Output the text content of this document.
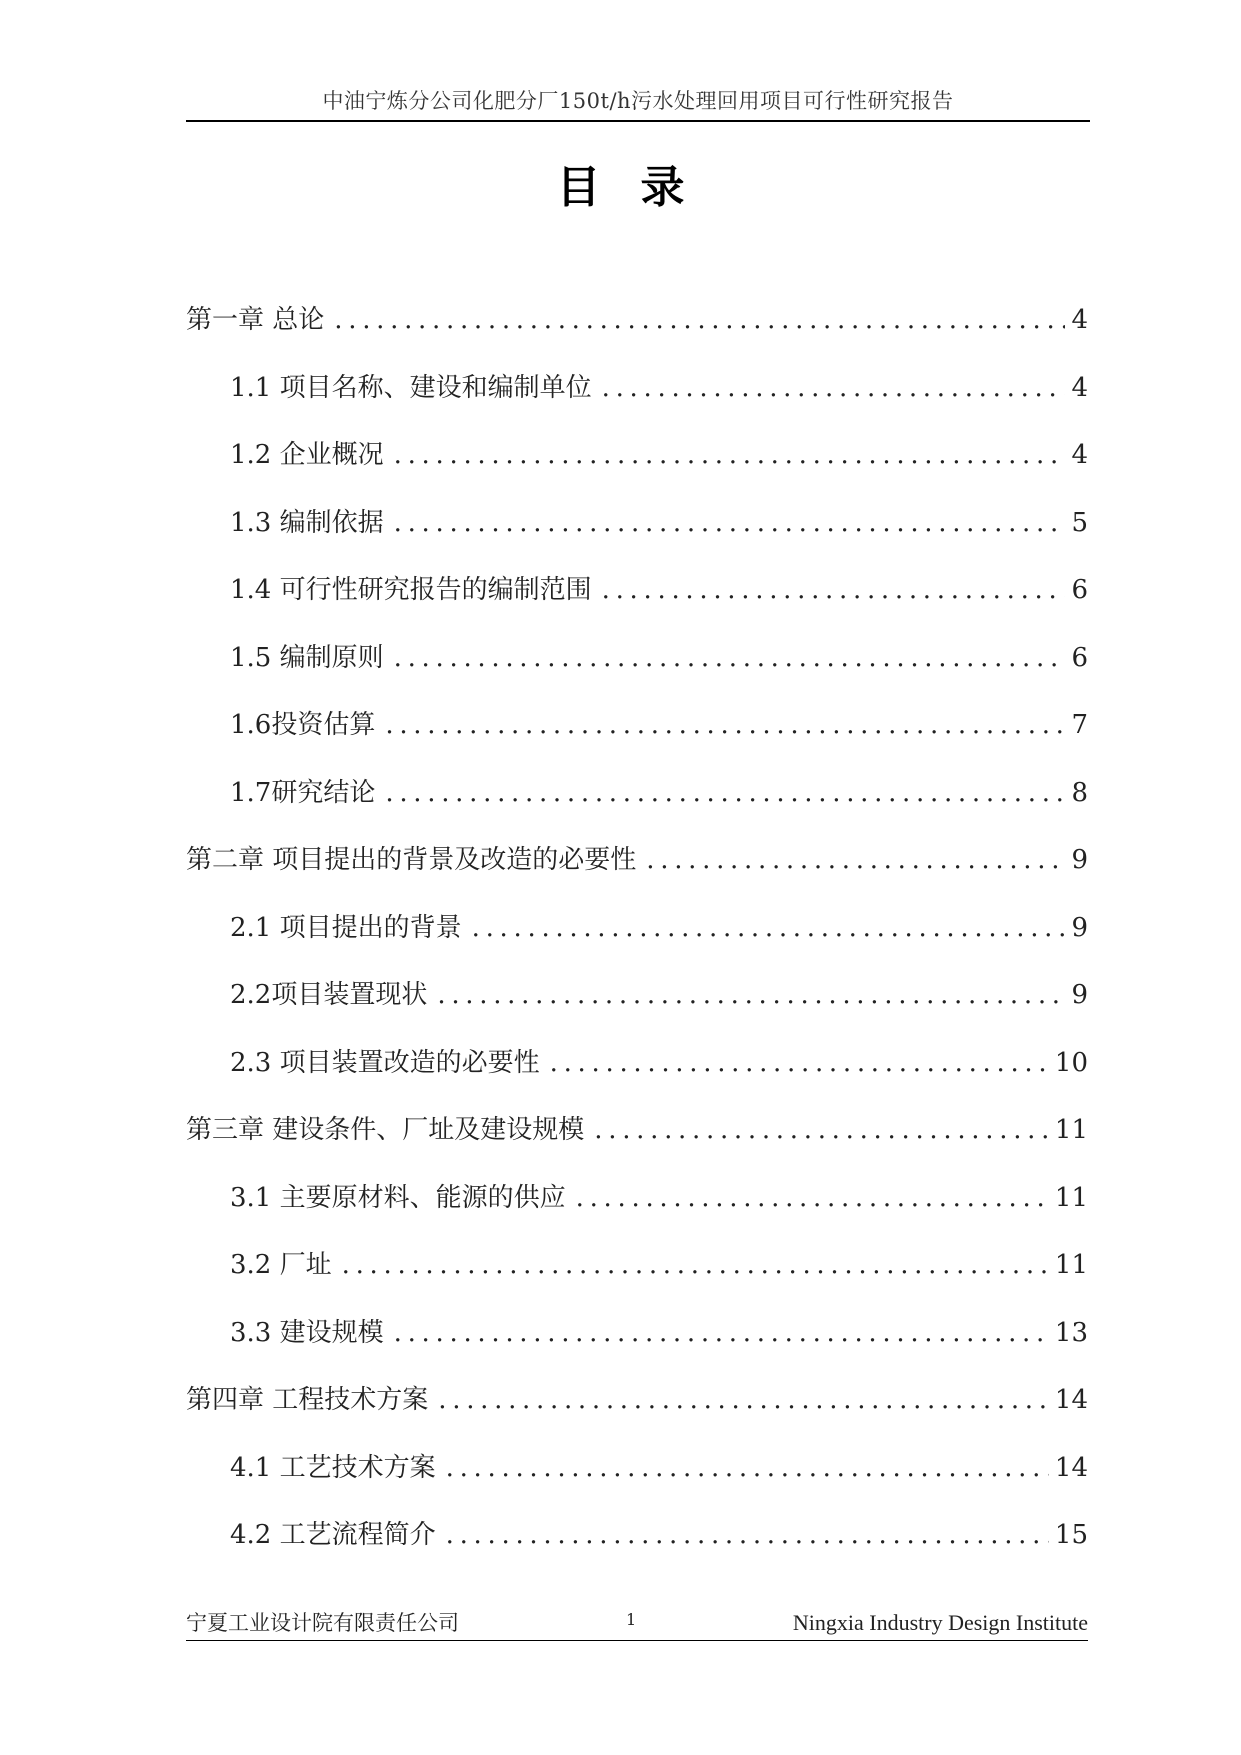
中油宁炼分公司化肥分厂150t/h污水处理回用项目可行性研究报告
目录
第一章 总论 .....	4
1.1 项目名称、建设和编制单位 .....	4
1.2 企业概况 .....	4
1.3 编制依据 .....	5
1.4 可行性研究报告的编制范围 .....	6
1.5 编制原则 .....	6
1.6投资估算 .....	7
1.7研究结论 .....	8
第二章 项目提出的背景及改造的必要性 .....	9
2.1 项目提出的背景 .....	9
2.2项目装置现状 .....	9
2.3 项目装置改造的必要性 .....	10
第三章 建设条件、厂址及建设规模 .....	11
3.1 主要原材料、能源的供应 .....	11
3.2 厂址 .....	11
3.3 建设规模 .....	13
第四章 工程技术方案 .....	14
4.1 工艺技术方案 .....	14
4.2 工艺流程简介 .....	15
宁夏工业设计院有限责任公司	1	Ningxia Industry Design Institute
